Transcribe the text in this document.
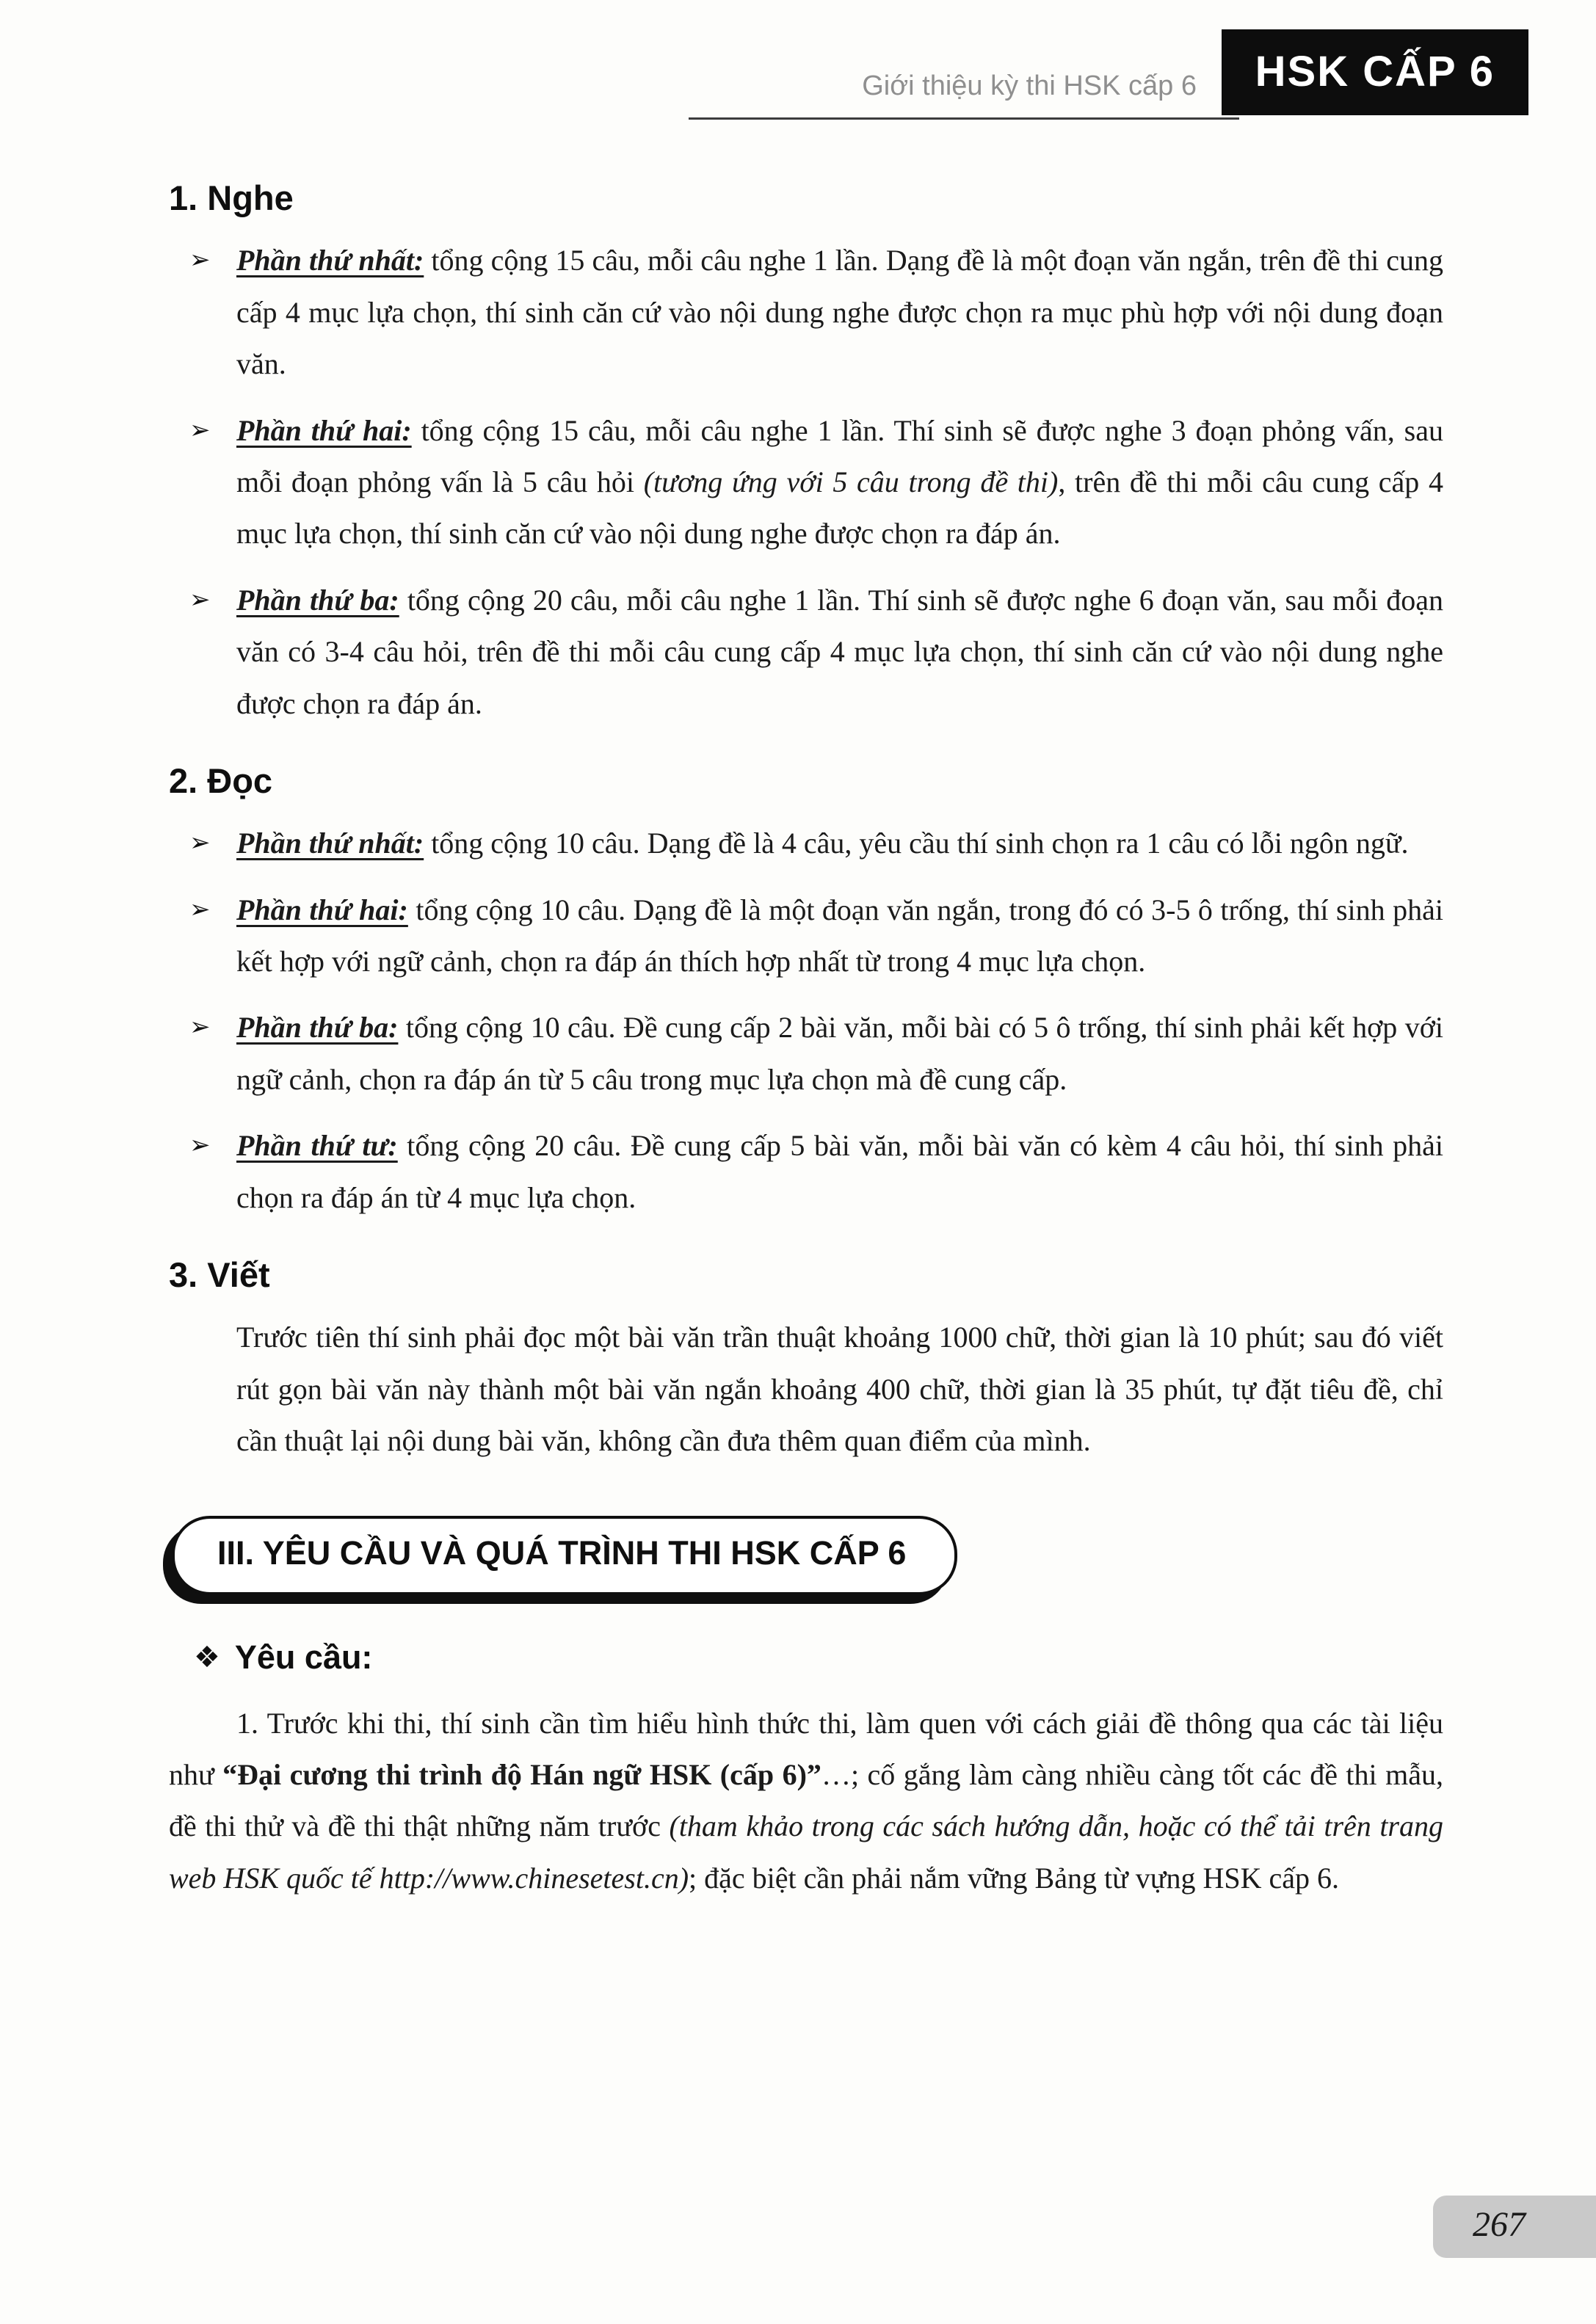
Giới thiệu kỳ thi HSK cấp 6	HSK CẤP 6
1. Nghe
➢ Phần thứ nhất: tổng cộng 15 câu, mỗi câu nghe 1 lần. Dạng đề là một đoạn văn ngắn, trên đề thi cung cấp 4 mục lựa chọn, thí sinh căn cứ vào nội dung nghe được chọn ra mục phù hợp với nội dung đoạn văn.
➢ Phần thứ hai: tổng cộng 15 câu, mỗi câu nghe 1 lần. Thí sinh sẽ được nghe 3 đoạn phỏng vấn, sau mỗi đoạn phỏng vấn là 5 câu hỏi (tương ứng với 5 câu trong đề thi), trên đề thi mỗi câu cung cấp 4 mục lựa chọn, thí sinh căn cứ vào nội dung nghe được chọn ra đáp án.
➢ Phần thứ ba: tổng cộng 20 câu, mỗi câu nghe 1 lần. Thí sinh sẽ được nghe 6 đoạn văn, sau mỗi đoạn văn có 3-4 câu hỏi, trên đề thi mỗi câu cung cấp 4 mục lựa chọn, thí sinh căn cứ vào nội dung nghe được chọn ra đáp án.
2. Đọc
➢ Phần thứ nhất: tổng cộng 10 câu. Dạng đề là 4 câu, yêu cầu thí sinh chọn ra 1 câu có lỗi ngôn ngữ.
➢ Phần thứ hai: tổng cộng 10 câu. Dạng đề là một đoạn văn ngắn, trong đó có 3-5 ô trống, thí sinh phải kết hợp với ngữ cảnh, chọn ra đáp án thích hợp nhất từ trong 4 mục lựa chọn.
➢ Phần thứ ba: tổng cộng 10 câu. Đề cung cấp 2 bài văn, mỗi bài có 5 ô trống, thí sinh phải kết hợp với ngữ cảnh, chọn ra đáp án từ 5 câu trong mục lựa chọn mà đề cung cấp.
➢ Phần thứ tư: tổng cộng 20 câu. Đề cung cấp 5 bài văn, mỗi bài văn có kèm 4 câu hỏi, thí sinh phải chọn ra đáp án từ 4 mục lựa chọn.
3. Viết

Trước tiên thí sinh phải đọc một bài văn trần thuật khoảng 1000 chữ, thời gian là 10 phút; sau đó viết rút gọn bài văn này thành một bài văn ngắn khoảng 400 chữ, thời gian là 35 phút, tự đặt tiêu đề, chỉ cần thuật lại nội dung bài văn, không cần đưa thêm quan điểm của mình.

III. YÊU CẦU VÀ QUÁ TRÌNH THI HSK CẤP 6
❖ Yêu cầu:

1. Trước khi thi, thí sinh cần tìm hiểu hình thức thi, làm quen với cách giải đề thông qua các tài liệu như “Đại cương thi trình độ Hán ngữ HSK (cấp 6)”…; cố gắng làm càng nhiều càng tốt các đề thi mẫu, đề thi thử và đề thi thật những năm trước (tham khảo trong các sách hướng dẫn, hoặc có thể tải trên trang web HSK quốc tế http://www.chinesetest.cn); đặc biệt cần phải nắm vững Bảng từ vựng HSK cấp 6.

267
